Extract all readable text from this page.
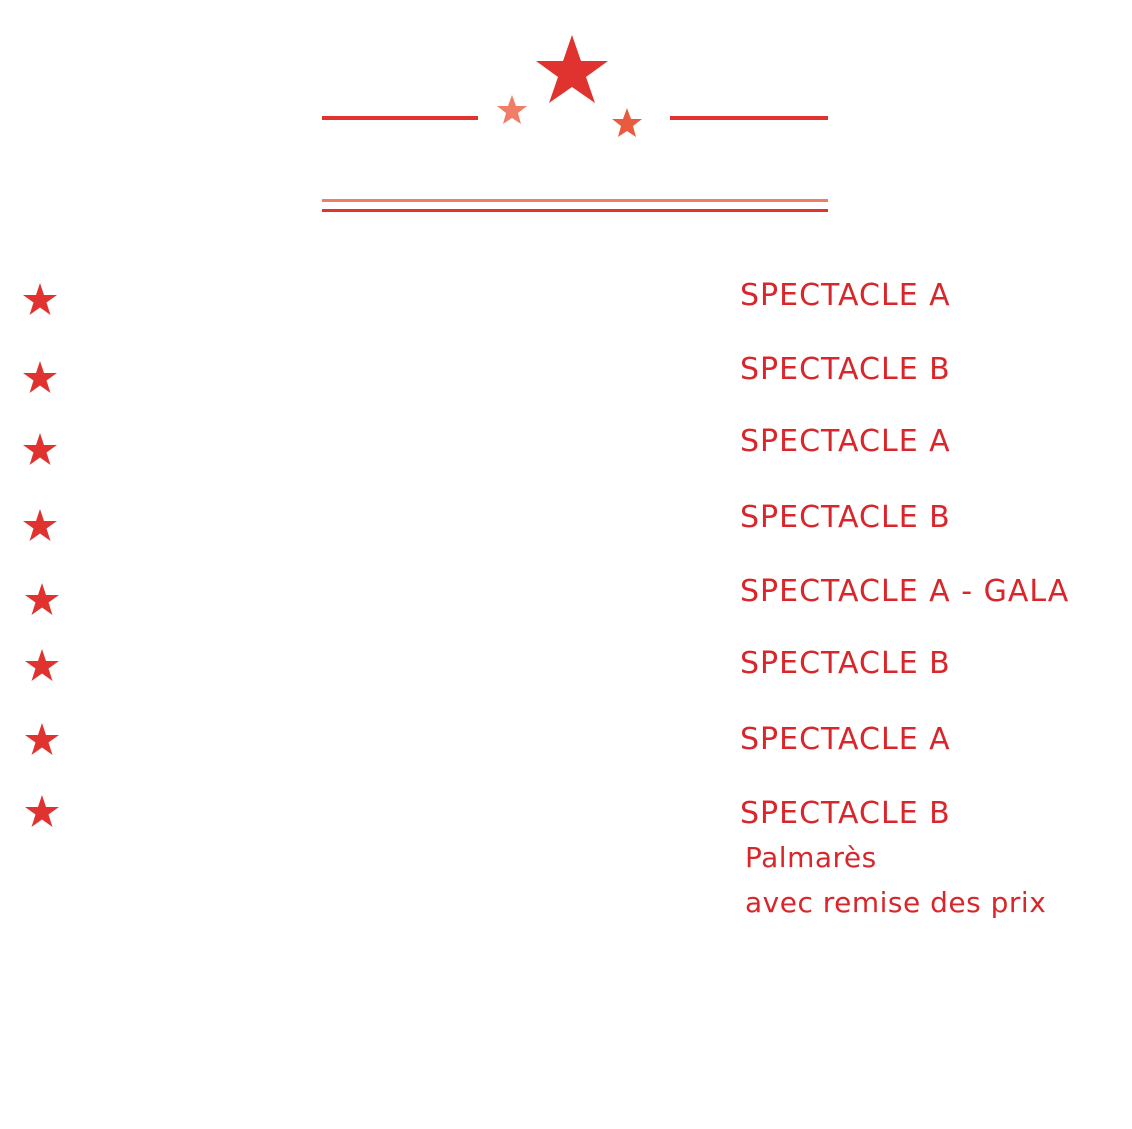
REPRESENTATION
Jeudi 9 janvier 2020 à 20h30	SPECTACLE A
Vendredi 10 janvier 2020 à 20h30	SPECTACLE B
Samedi 11 janvier 2020 à 10h00	SPECTACLE A
Samedi 11 janvier 2020 à 15h30	SPECTACLE B
Samedi 11 janvier 2020 à 20h30	SPECTACLE A - GALA
Dimanche 12 janvier 2020 à 10h00 SPECTACLE B
Dimanche 12 janvier 2020 à 14h00 SPECTACLE A
Dimanche 12 janvier 2020 à 17h00 SPECTACLE B
Palmarès
avec remise des prix
Accès aux spectacles sur présentation du billet d'entrée uniquement
Attention : les portes ouvriront 30 minutes avant le début. Merci de se présenter
le plus tôt possible. Les places ne sont pas numérotées. Ouverture une heure avant
le début des spectacles pour le retrait des billets.
